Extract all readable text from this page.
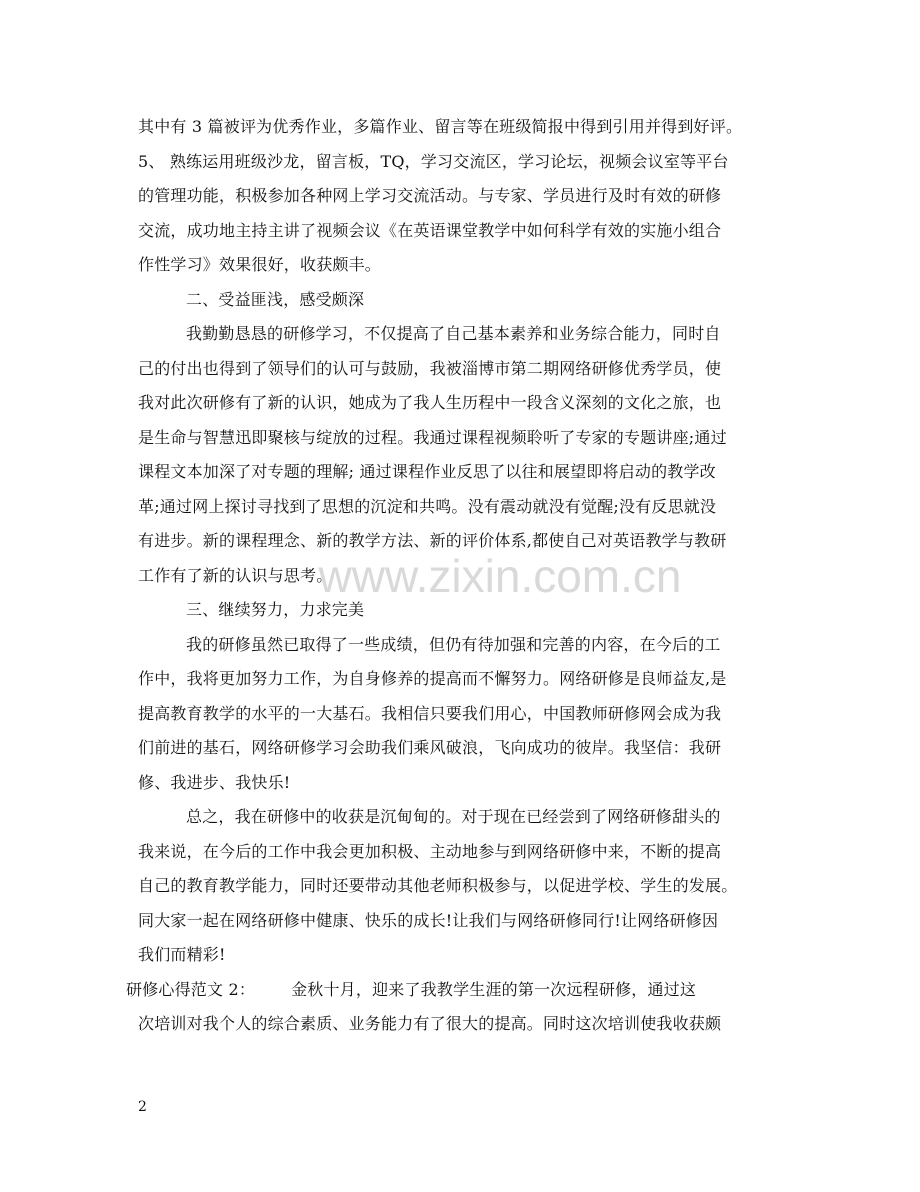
其中有 3 篇被评为优秀作业，多篇作业、留言等在班级简报中得到引用并得到好评。
5、 熟练运用班级沙龙，留言板，TQ，学习交流区，学习论坛，视频会议室等平台
的管理功能，积极参加各种网上学习交流活动。与专家、学员进行及时有效的研修
交流，成功地主持主讲了视频会议《在英语课堂教学中如何科学有效的实施小组合
作性学习》效果很好，收获颇丰。
二、受益匪浅，感受颇深
我勤勤恳恳的研修学习，不仅提高了自己基本素养和业务综合能力，同时自
己的付出也得到了领导们的认可与鼓励，我被淄博市第二期网络研修优秀学员，使
我对此次研修有了新的认识，她成为了我人生历程中一段含义深刻的文化之旅，也
是生命与智慧迅即聚核与绽放的过程。我通过课程视频聆听了专家的专题讲座;通过
课程文本加深了对专题的理解; 通过课程作业反思了以往和展望即将启动的教学改
革;通过网上探讨寻找到了思想的沉淀和共鸣。没有震动就没有觉醒;没有反思就没
有进步。新的课程理念、新的教学方法、新的评价体系,都使自己对英语教学与教研
工作有了新的认识与思考。
三、继续努力，力求完美
我的研修虽然已取得了一些成绩，但仍有待加强和完善的内容，在今后的工
作中，我将更加努力工作，为自身修养的提高而不懈努力。网络研修是良师益友,是
提高教育教学的水平的一大基石。我相信只要我们用心，中国教师研修网会成为我
们前进的基石，网络研修学习会助我们乘风破浪，飞向成功的彼岸。我坚信：我研
修、我进步、我快乐!
总之，我在研修中的收获是沉甸甸的。对于现在已经尝到了网络研修甜头的
我来说，在今后的工作中我会更加积极、主动地参与到网络研修中来，不断的提高
自己的教育教学能力，同时还要带动其他老师积极参与，以促进学校、学生的发展。
同大家一起在网络研修中健康、快乐的成长!让我们与网络研修同行!让网络研修因
我们而精彩!
研修心得范文 2： 金秋十月，迎来了我教学生涯的第一次远程研修，通过这
次培训对我个人的综合素质、业务能力有了很大的提高。同时这次培训使我收获颇
www.zixin.com.cn
2
